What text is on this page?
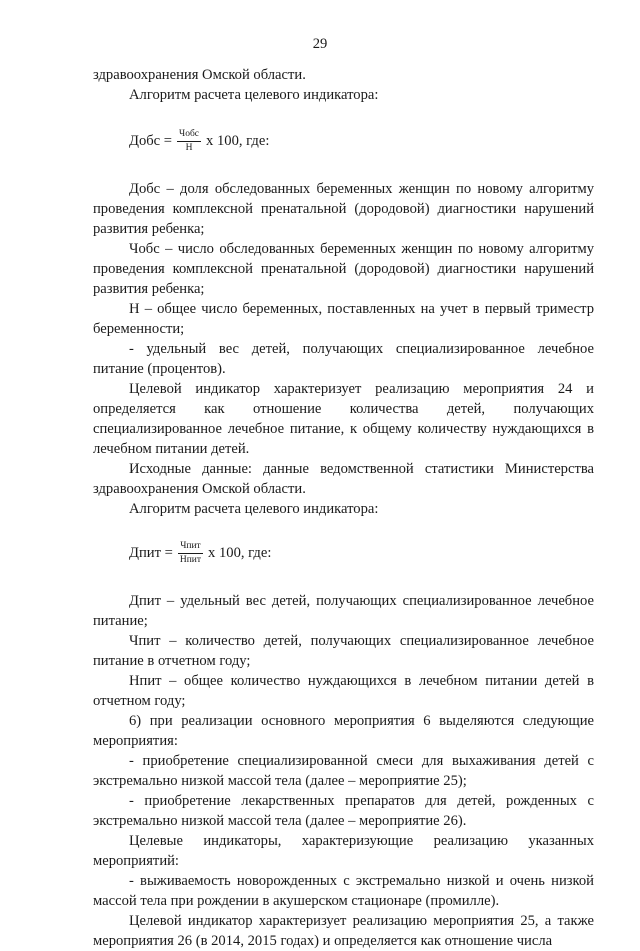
29

здравоохранения Омской области.

Алгоритм расчета целевого индикатора:

Добс = $\frac{\text{Чобс}}{Н}$ х 100, где:

Добс – доля обследованных беременных женщин по новому алгоритму проведения комплексной пренатальной (дородовой) диагностики нарушений развития ребенка;

Чобс – число обследованных беременных женщин по новому алгоритму проведения комплексной пренатальной (дородовой) диагностики нарушений развития ребенка;

Н – общее число беременных, поставленных на учет в первый триместр беременности;

- удельный вес детей, получающих специализированное лечебное питание (процентов).

Целевой индикатор характеризует реализацию мероприятия 24 и определяется как отношение количества детей, получающих специализированное лечебное питание, к общему количеству нуждающихся в лечебном питании детей.

Исходные данные: данные ведомственной статистики Министерства здравоохранения Омской области.

Алгоритм расчета целевого индикатора:

Дпит = $\frac{\text{Чпит}}{\text{Нпит}}$ х 100, где:

Дпит – удельный вес детей, получающих специализированное лечебное питание;

Чпит – количество детей, получающих специализированное лечебное питание в отчетном году;

Нпит – общее количество нуждающихся в лечебном питании детей в отчетном году;

6) при реализации основного мероприятия 6 выделяются следующие мероприятия:

- приобретение специализированной смеси для выхаживания детей с экстремально низкой массой тела (далее – мероприятие 25);

- приобретение лекарственных препаратов для детей, рожденных с экстремально низкой массой тела (далее – мероприятие 26).

Целевые индикаторы, характеризующие реализацию указанных мероприятий:

- выживаемость новорожденных с экстремально низкой и очень низкой массой тела при рождении в акушерском стационаре (промилле).

Целевой индикатор характеризует реализацию мероприятия 25, а также мероприятия 26 (в 2014, 2015 годах) и определяется как отношение числа
